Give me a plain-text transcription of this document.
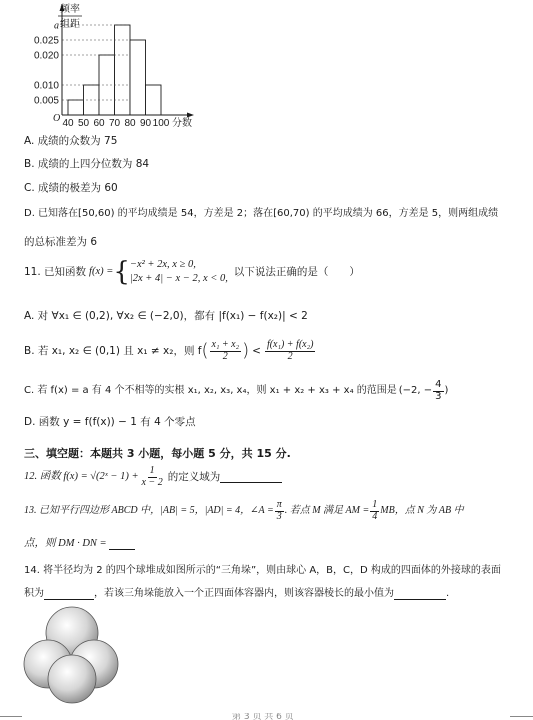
频率
组距
0.005
0.010
0.020
0.025
a
40 50 60 70 80 90 100
O	分数
A. 成绩的众数为 75
B. 成绩的上四分位数为 84
C. 成绩的极差为 60
D. 已知落在[50,60) 的平均成绩是 54，方差是 2；落在[60,70) 的平均成绩为 66，方差是 5，则两组成绩
的总标准差为 6
11. 已知函数 f(x) = { −x² + 2x, x ≥ 0,
|2x + 4| − x − 2, x < 0,
以下说法正确的是（　　）
A. 对 ∀x₁ ∈ (0,2), ∀x₂ ∈ (−2,0)，都有 |f(x₁) − f(x₂)| < 2
B. 若 x₁, x₂ ∈ (0,1) 且 x₁ ≠ x₂，则 f ( $\frac{\text{x₁ + x₂}}{2}$ ) < $\frac{\text{f(x₁) + f(x₂)}}{2}$
C. 若 f(x) = a 有 4 个不相等的实根 x₁, x₂, x₃, x₄，则 x₁ + x₂ + x₃ + x₄ 的范围是 (−2, − $\frac{4}{3}$ )
D. 函数 y = f(f(x)) − 1 有 4 个零点
三、填空题：本题共 3 小题，每小题 5 分，共 15 分.
12. 函数 f(x) = √(2ˣ − $1) + \frac{1}{x - 2}$ 的定义域为
13. 已知平行四边形 ABCD 中，|AB| = 5，|AD| = 4，∠A = $\frac{\pi}{3}$ . 若点 M 满足 AM = $\frac{1}{4}$ MB，点 N 为 AB 中
点，则 DM · DN =
14. 将半径均为 2 的四个球堆成如图所示的“三角垛”，则由球心 A，B，C，D 构成的四面体的外接球的表面
积为	，若该三角垛能放入一个正四面体容器内，则该容器棱长的最小值为	.
第 3 页 共 6 页
